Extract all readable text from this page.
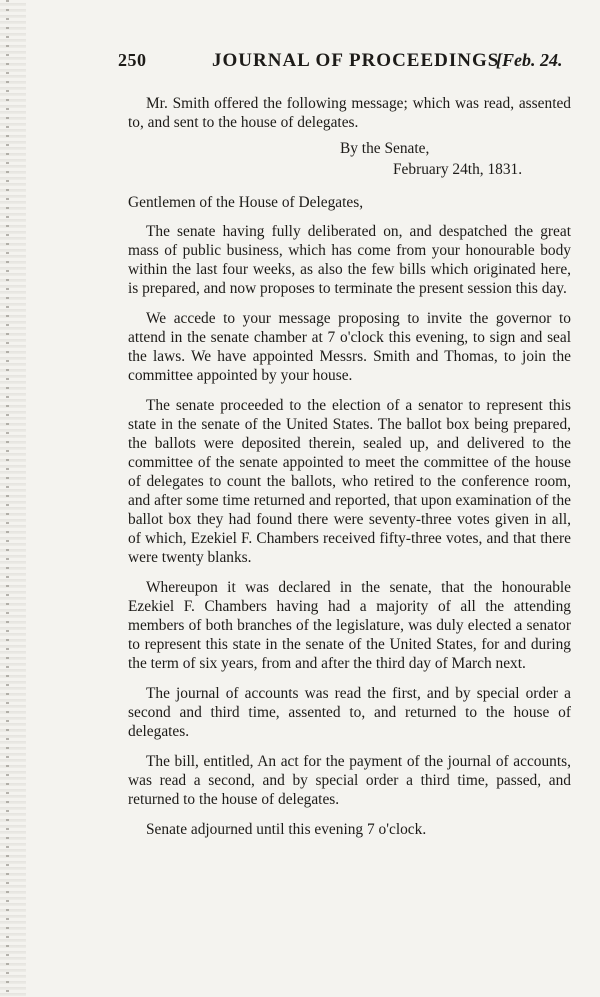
250	JOURNAL OF PROCEEDINGS
[Feb. 24.

Mr. Smith offered the following message; which was read, assented to, and sent to the house of delegates.

By the Senate,
February 24th, 1831.

Gentlemen of the House of Delegates,

The senate having fully deliberated on, and despatched the great mass of public business, which has come from your honourable body within the last four weeks, as also the few bills which originated here, is prepared, and now proposes to terminate the present session this day.

We accede to your message proposing to invite the governor to attend in the senate chamber at 7 o'clock this evening, to sign and seal the laws. We have appointed Messrs. Smith and Thomas, to join the committee appointed by your house.

The senate proceeded to the election of a senator to represent this state in the senate of the United States. The ballot box being prepared, the ballots were deposited therein, sealed up, and delivered to the committee of the senate appointed to meet the committee of the house of delegates to count the ballots, who retired to the conference room, and after some time returned and reported, that upon examination of the ballot box they had found there were seventy-three votes given in all, of which, Ezekiel F. Chambers received fifty-three votes, and that there were twenty blanks.

Whereupon it was declared in the senate, that the honourable Ezekiel F. Chambers having had a majority of all the attending members of both branches of the legislature, was duly elected a senator to represent this state in the senate of the United States, for and during the term of six years, from and after the third day of March next.

The journal of accounts was read the first, and by special order a second and third time, assented to, and returned to the house of delegates.

The bill, entitled, An act for the payment of the journal of accounts, was read a second, and by special order a third time, passed, and returned to the house of delegates.

Senate adjourned until this evening 7 o'clock.
